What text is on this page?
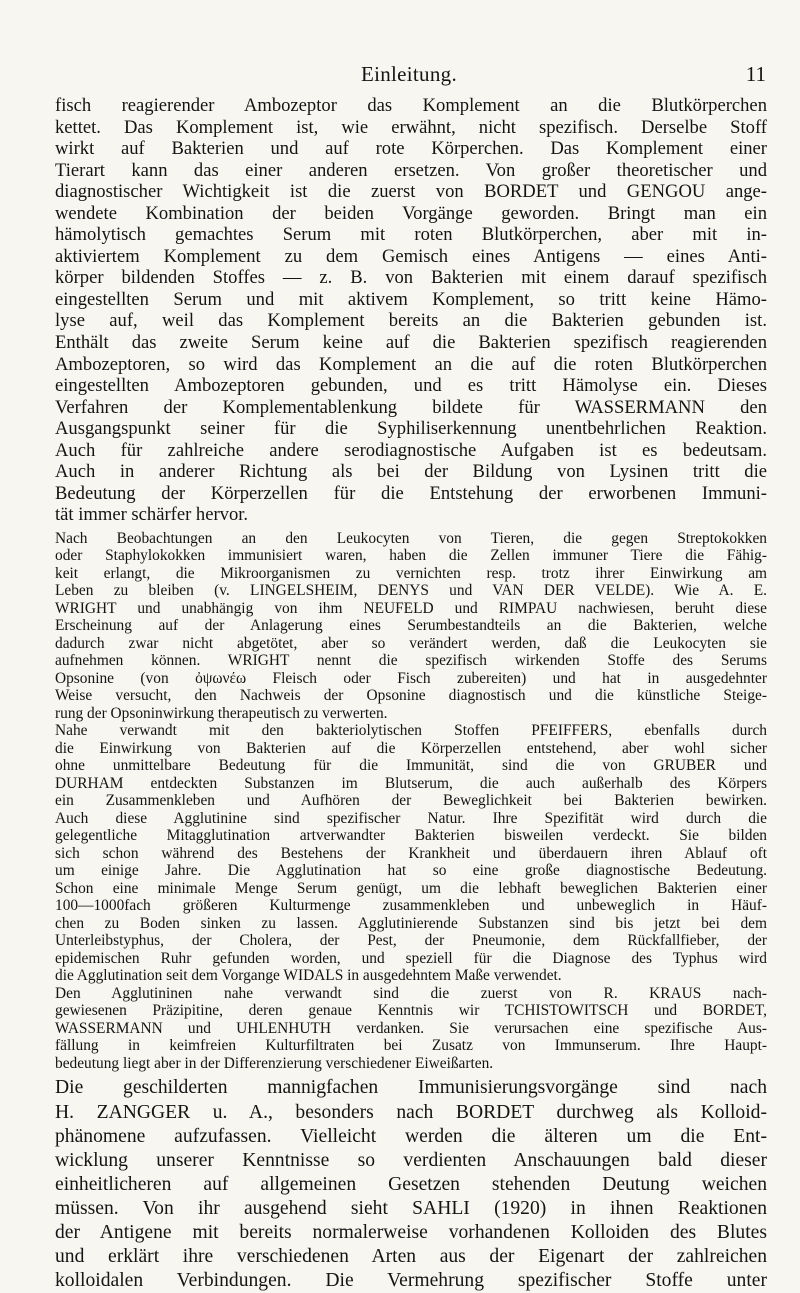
Einleitung.	11
fisch reagierender Ambozeptor das Komplement an die Blutkörperchen
kettet. Das Komplement ist, wie erwähnt, nicht spezifisch. Derselbe Stoff
wirkt auf Bakterien und auf rote Körperchen. Das Komplement einer
Tierart kann das einer anderen ersetzen. Von großer theoretischer und
diagnostischer Wichtigkeit ist die zuerst von BORDET und GENGOU ange-
wendete Kombination der beiden Vorgänge geworden. Bringt man ein
hämolytisch gemachtes Serum mit roten Blutkörperchen, aber mit in-
aktiviertem Komplement zu dem Gemisch eines Antigens — eines Anti-
körper bildenden Stoffes — z. B. von Bakterien mit einem darauf spezifisch
eingestellten Serum und mit aktivem Komplement, so tritt keine Hämo-
lyse auf, weil das Komplement bereits an die Bakterien gebunden ist.
Enthält das zweite Serum keine auf die Bakterien spezifisch reagierenden
Ambozeptoren, so wird das Komplement an die auf die roten Blutkörperchen
eingestellten Ambozeptoren gebunden, und es tritt Hämolyse ein. Dieses
Verfahren der Komplementablenkung bildete für WASSERMANN den
Ausgangspunkt seiner für die Syphiliserkennung unentbehrlichen Reaktion.
Auch für zahlreiche andere serodiagnostische Aufgaben ist es bedeutsam.
Auch in anderer Richtung als bei der Bildung von Lysinen tritt die
Bedeutung der Körperzellen für die Entstehung der erworbenen Immuni-
tät immer schärfer hervor.
Nach Beobachtungen an den Leukocyten von Tieren, die gegen Streptokokken
oder Staphylokokken immunisiert waren, haben die Zellen immuner Tiere die Fähig-
keit erlangt, die Mikroorganismen zu vernichten resp. trotz ihrer Einwirkung am
Leben zu bleiben (v. LINGELSHEIM, DENYS und VAN DER VELDE). Wie A. E.
WRIGHT und unabhängig von ihm NEUFELD und RIMPAU nachwiesen, beruht diese
Erscheinung auf der Anlagerung eines Serumbestandteils an die Bakterien, welche
dadurch zwar nicht abgetötet, aber so verändert werden, daß die Leukocyten sie
aufnehmen können. WRIGHT nennt die spezifisch wirkenden Stoffe des Serums
Opsonine (von ὀψωνέω Fleisch oder Fisch zubereiten) und hat in ausgedehnter
Weise versucht, den Nachweis der Opsonine diagnostisch und die künstliche Steige-
rung der Opsoninwirkung therapeutisch zu verwerten.
Nahe verwandt mit den bakteriolytischen Stoffen PFEIFFERS, ebenfalls durch
die Einwirkung von Bakterien auf die Körperzellen entstehend, aber wohl sicher
ohne unmittelbare Bedeutung für die Immunität, sind die von GRUBER und
DURHAM entdeckten Substanzen im Blutserum, die auch außerhalb des Körpers
ein Zusammenkleben und Aufhören der Beweglichkeit bei Bakterien bewirken.
Auch diese Agglutinine sind spezifischer Natur. Ihre Spezifität wird durch die
gelegentliche Mitagglutination artverwandter Bakterien bisweilen verdeckt. Sie bilden
sich schon während des Bestehens der Krankheit und überdauern ihren Ablauf oft
um einige Jahre. Die Agglutination hat so eine große diagnostische Bedeutung.
Schon eine minimale Menge Serum genügt, um die lebhaft beweglichen Bakterien einer
100—1000fach größeren Kulturmenge zusammenkleben und unbeweglich in Häuf-
chen zu Boden sinken zu lassen. Agglutinierende Substanzen sind bis jetzt bei dem
Unterleibstyphus, der Cholera, der Pest, der Pneumonie, dem Rückfallfieber, der
epidemischen Ruhr gefunden worden, und speziell für die Diagnose des Typhus wird
die Agglutination seit dem Vorgange WIDALS in ausgedehntem Maße verwendet.
Den Agglutininen nahe verwandt sind die zuerst von R. KRAUS nach-
gewiesenen Präzipitine, deren genaue Kenntnis wir TCHISTOWITSCH und BORDET,
WASSERMANN und UHLENHUTH verdanken. Sie verursachen eine spezifische Aus-
fällung in keimfreien Kulturfiltraten bei Zusatz von Immunserum. Ihre Haupt-
bedeutung liegt aber in der Differenzierung verschiedener Eiweißarten.
Die geschilderten mannigfachen Immunisierungsvorgänge sind nach
H. ZANGGER u. A., besonders nach BORDET durchweg als Kolloid-
phänomene aufzufassen. Vielleicht werden die älteren um die Ent-
wicklung unserer Kenntnisse so verdienten Anschauungen bald dieser
einheitlicheren auf allgemeinen Gesetzen stehenden Deutung weichen
müssen. Von ihr ausgehend sieht SAHLI (1920) in ihnen Reaktionen
der Antigene mit bereits normalerweise vorhandenen Kolloiden des Blutes
und erklärt ihre verschiedenen Arten aus der Eigenart der zahlreichen
kolloidalen Verbindungen. Die Vermehrung spezifischer Stoffe unter
